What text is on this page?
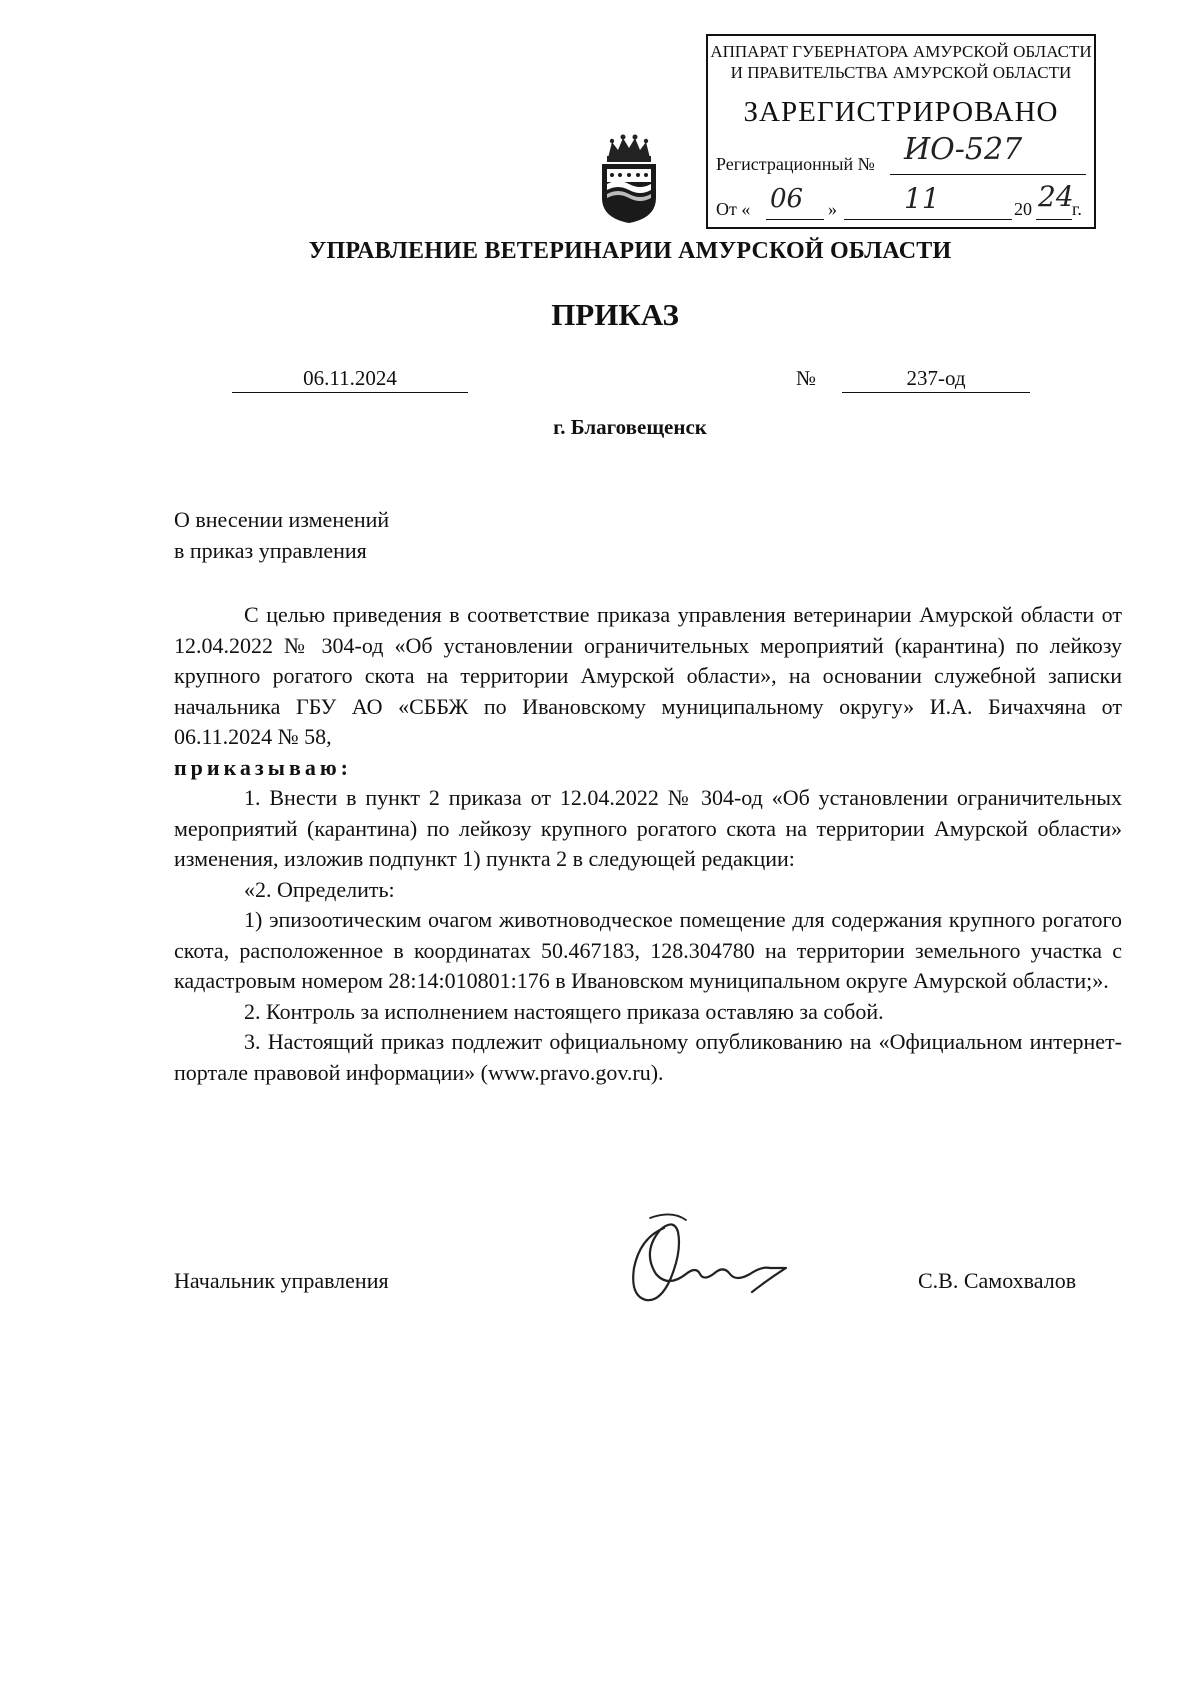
АППАРАТ ГУБЕРНАТОРА АМУРСКОЙ ОБЛАСТИ
И ПРАВИТЕЛЬСТВА АМУРСКОЙ ОБЛАСТИ
ЗАРЕГИСТРИРОВАНО
Регистрационный № ИО-527
От « 06 » 11	20 24
г.
УПРАВЛЕНИЕ ВЕТЕРИНАРИИ АМУРСКОЙ ОБЛАСТИ
ПРИКАЗ
06.11.2024	№	237-од
г. Благовещенск
О внесении изменений
в приказ управления

С целью приведения в соответствие приказа управления ветеринарии Амурской области от 12.04.2022 № 304-од «Об установлении ограничительных мероприятий (карантина) по лейкозу крупного рогатого скота на территории Амурской области», на основании служебной записки начальника ГБУ АО «СББЖ по Ивановскому муниципальному округу» И.А. Бичахчяна от 06.11.2024 № 58,

приказываю:

1. Внести в пункт 2 приказа от 12.04.2022 № 304-од «Об установлении ограничительных мероприятий (карантина) по лейкозу крупного рогатого скота на территории Амурской области» изменения, изложив подпункт 1) пункта 2 в следующей редакции:

«2. Определить:

1) эпизоотическим очагом животноводческое помещение для содержания крупного рогатого скота, расположенное в координатах 50.467183, 128.304780 на территории земельного участка с кадастровым номером 28:14:010801:176 в Ивановском муниципальном округе Амурской области;».

2. Контроль за исполнением настоящего приказа оставляю за собой.

3. Настоящий приказ подлежит официальному опубликованию на «Официальном интернет-портале правовой информации» (www.pravo.gov.ru).

Начальник управления	С.В. Самохвалов
